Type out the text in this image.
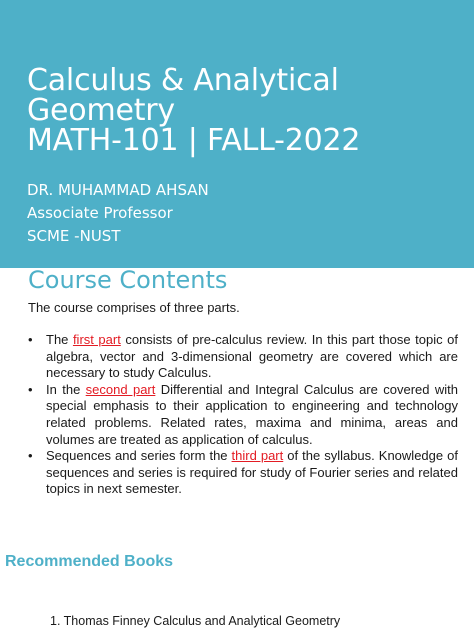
Calculus & Analytical
Geometry
MATH-101 | FALL-2022

DR. MUHAMMAD AHSAN

Associate Professor

SCME -NUST

Course Contents

The course comprises of three parts.

• The first part consists of pre-calculus review. In this part those topic of algebra, vector and 3-dimensional geometry are covered which are necessary to study Calculus.
• In the second part Differential and Integral Calculus are covered with special emphasis to their application to engineering and technology related problems. Related rates, maxima and minima, areas and volumes are treated as application of calculus.
• Sequences and series form the third part of the syllabus. Knowledge of sequences and series is required for study of Fourier series and related topics in next semester.
Recommended Books
1. Thomas Finney Calculus and Analytical Geometry
